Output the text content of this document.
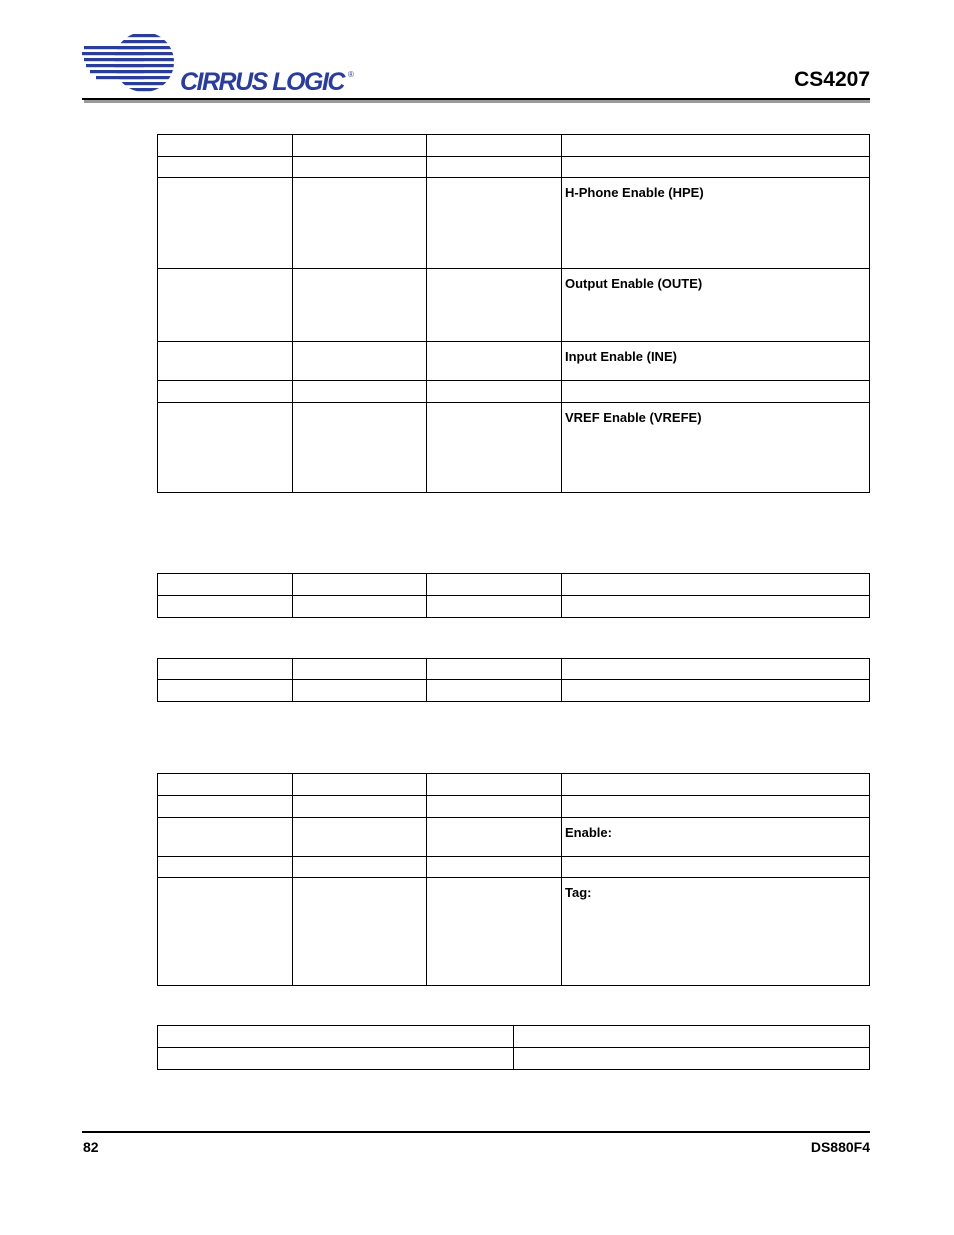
CIRRUS LOGIC ®	CS4207

			H-Phone Enable (HPE)

			Output Enable (OUTE)

			Input Enable (INE)

			VREF Enable (VREFE)

			Enable:

			Tag:

82	DS880F4
